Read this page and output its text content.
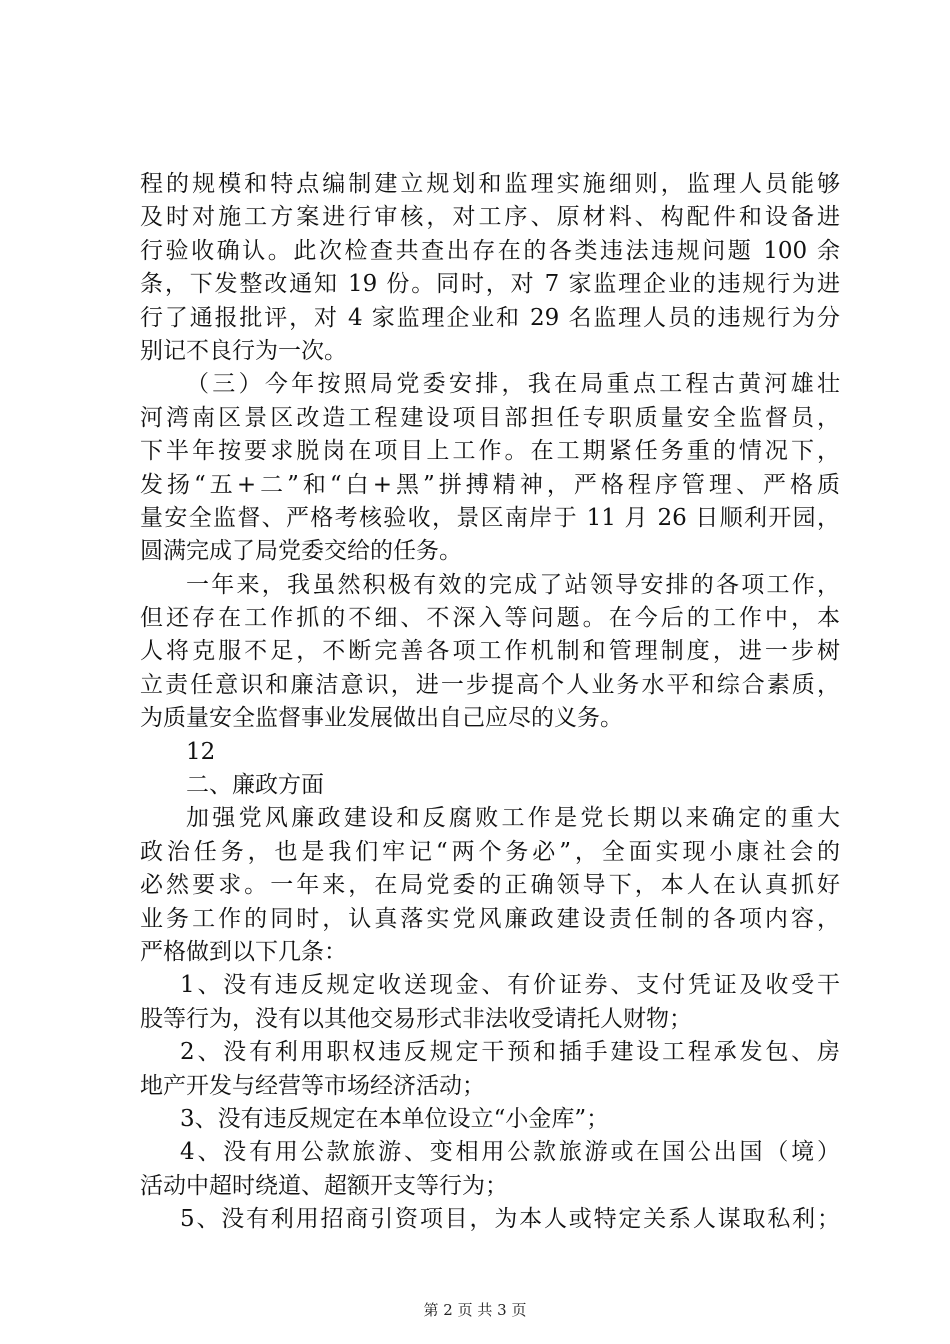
程的规模和特点编制建立规划和监理实施细则，监理人员能够
及时对施工方案进行审核，对工序、原材料、构配件和设备进
行验收确认。此次检查共查出存在的各类违法违规问题 100 余
条，下发整改通知 19 份。同时，对 7 家监理企业的违规行为进
行了通报批评，对 4 家监理企业和 29 名监理人员的违规行为分
别记不良行为一次。
（三）今年按照局党委安排，我在局重点工程古黄河雄壮
河湾南区景区改造工程建设项目部担任专职质量安全监督员，
下半年按要求脱岗在项目上工作。在工期紧任务重的情况下，
发扬“五+二”和“白+黑”拼搏精神，严格程序管理、严格质
量安全监督、严格考核验收，景区南岸于 11 月 26 日顺利开园，
圆满完成了局党委交给的任务。
一年来，我虽然积极有效的完成了站领导安排的各项工作，
但还存在工作抓的不细、不深入等问题。在今后的工作中，本
人将克服不足，不断完善各项工作机制和管理制度，进一步树
立责任意识和廉洁意识，进一步提高个人业务水平和综合素质，
为质量安全监督事业发展做出自己应尽的义务。
12
二、廉政方面
加强党风廉政建设和反腐败工作是党长期以来确定的重大
政治任务，也是我们牢记“两个务必”，全面实现小康社会的
必然要求。一年来，在局党委的正确领导下，本人在认真抓好
业务工作的同时，认真落实党风廉政建设责任制的各项内容，
严格做到以下几条：
1、没有违反规定收送现金、有价证券、支付凭证及收受干
股等行为，没有以其他交易形式非法收受请托人财物；
2、没有利用职权违反规定干预和插手建设工程承发包、房
地产开发与经营等市场经济活动；
3、没有违反规定在本单位设立“小金库”；
4、没有用公款旅游、变相用公款旅游或在国公出国（境）
活动中超时绕道、超额开支等行为；
5、没有利用招商引资项目，为本人或特定关系人谋取私利；
第 2 页 共 3 页
